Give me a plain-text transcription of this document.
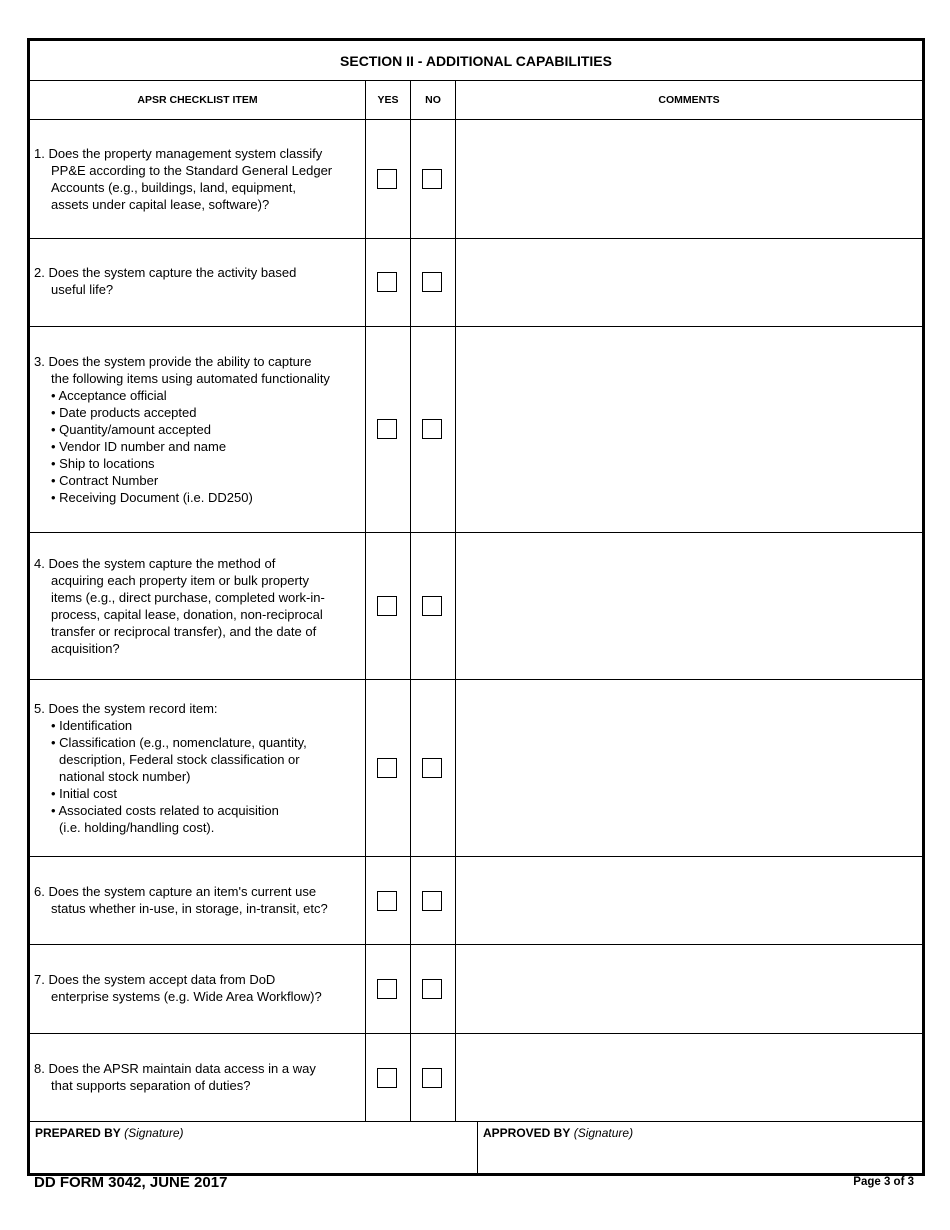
SECTION II - ADDITIONAL CAPABILITIES
APSR CHECKLIST ITEM	YES	NO	COMMENTS
1. Does the property management system classify
PP&E according to the Standard General Ledger
Accounts (e.g., buildings, land, equipment,
assets under capital lease, software)?
2. Does the system capture the activity based
useful life?
3. Does the system provide the ability to capture
the following items using automated functionality
• Acceptance official
• Date products accepted
• Quantity/amount accepted
• Vendor ID number and name
• Ship to locations
• Contract Number
• Receiving Document (i.e. DD250)
4. Does the system capture the method of
acquiring each property item or bulk property
items (e.g., direct purchase, completed work-in-
process, capital lease, donation, non-reciprocal
transfer or reciprocal transfer), and the date of
acquisition?
5. Does the system record item:
• Identification
• Classification (e.g., nomenclature, quantity,
description, Federal stock classification or
national stock number)
• Initial cost
• Associated costs related to acquisition
(i.e. holding/handling cost).
6. Does the system capture an item's current use
status whether in-use, in storage, in-transit, etc?
7. Does the system accept data from DoD
enterprise systems (e.g. Wide Area Workflow)?
8. Does the APSR maintain data access in a way
that supports separation of duties?
PREPARED BY (Signature)	APPROVED BY (Signature)
DD FORM 3042, JUNE 2017	Page 3 of 3
